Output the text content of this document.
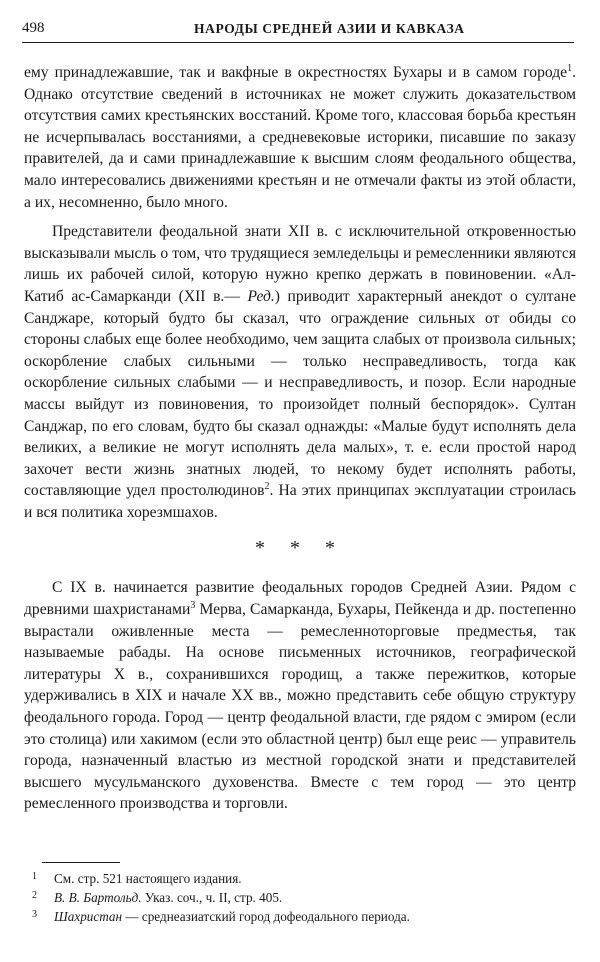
498	НАРОДЫ СРЕДНЕЙ АЗИИ И КАВКАЗА

ему принадлежавшие, так и вакфные в окрестностях Бухары и в самом городе$^1$. Однако отсутствие сведений в источниках не может служить доказательством отсутствия самих крестьянских восстаний. Кроме того, классовая борьба крестьян не исчерпывалась восстаниями, а средневековые историки, писавшие по заказу правителей, да и сами принадлежавшие к высшим слоям феодального общества, мало интересовались движениями крестьян и не отмечали факты из этой области, а их, несомненно, было много.

Представители феодальной знати XII в. с исключительной откровенностью высказывали мысль о том, что трудящиеся земледельцы и ремесленники являются лишь их рабочей силой, которую нужно крепко держать в повиновении. «Ал-Катиб ас-Самарканди (XII в.— Ред.) приводит характерный анекдот о султане Санджаре, который будто бы сказал, что ограждение сильных от обиды со стороны слабых еще более необходимо, чем защита слабых от произвола сильных; оскорбление слабых сильными — только несправедливость, тогда как оскорбление сильных слабыми — и несправедливость, и позор. Если народные массы выйдут из повиновения, то произойдет полный беспорядок». Султан Санджар, по его словам, будто бы сказал однажды: «Малые будут исполнять дела великих, а великие не могут исполнять дела малых», т. е. если простой народ захочет вести жизнь знатных людей, то некому будет исполнять работы, составляющие удел простолюдинов$^2$. На этих принципах эксплуатации строилась и вся политика хорезмшахов.

* * *

С IX в. начинается развитие феодальных городов Средней Азии. Рядом с древними шахристанами$^3$ Мерва, Самарканда, Бухары, Пейкенда и др. постепенно вырастали оживленные места — ремесленноторговые предместья, так называемые рабады. На основе письменных источников, географической литературы X в., сохранившихся городищ, а также пережитков, которые удерживались в XIX и начале XX вв., можно представить себе общую структуру феодального города. Город — центр феодальной власти, где рядом с эмиром (если это столица) или хакимом (если это областной центр) был еще реис — управитель города, назначенный властью из местной городской знати и представителей высшего мусульманского духовенства. Вместе с тем город — это центр ремесленного производства и торговли.

1 См. стр. 521 настоящего издания.
2 В. В. Бартольд. Указ. соч., ч. II, стр. 405.
3 Шахристан — среднеазиатский город дофеодального периода.
